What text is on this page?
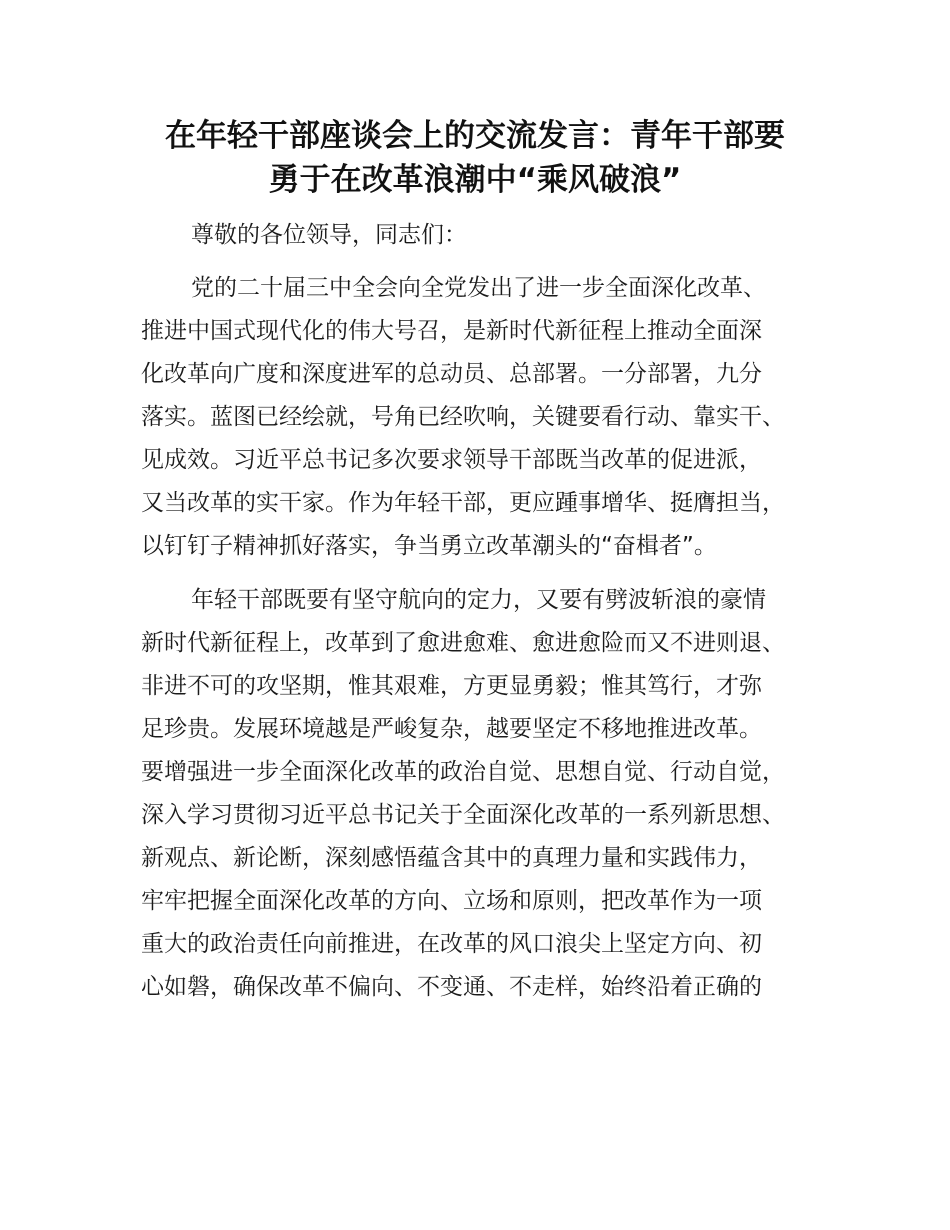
在年轻干部座谈会上的交流发言：青年干部要
勇于在改革浪潮中“乘风破浪”

尊敬的各位领导，同志们：

党的二十届三中全会向全党发出了进一步全面深化改革、

推进中国式现代化的伟大号召，是新时代新征程上推动全面深

化改革向广度和深度进军的总动员、总部署。一分部署，九分

落实。蓝图已经绘就，号角已经吹响，关键要看行动、靠实干、

见成效。习近平总书记多次要求领导干部既当改革的促进派，

又当改革的实干家。作为年轻干部，更应踵事增华、挺膺担当，

以钉钉子精神抓好落实，争当勇立改革潮头的“奋楫者”。

年轻干部既要有坚守航向的定力，又要有劈波斩浪的豪情

新时代新征程上，改革到了愈进愈难、愈进愈险而又不进则退、

非进不可的攻坚期，惟其艰难，方更显勇毅；惟其笃行，才弥

足珍贵。发展环境越是严峻复杂，越要坚定不移地推进改革。

要增强进一步全面深化改革的政治自觉、思想自觉、行动自觉，

深入学习贯彻习近平总书记关于全面深化改革的一系列新思想、

新观点、新论断，深刻感悟蕴含其中的真理力量和实践伟力，

牢牢把握全面深化改革的方向、立场和原则，把改革作为一项

重大的政治责任向前推进，在改革的风口浪尖上坚定方向、初

心如磐，确保改革不偏向、不变通、不走样，始终沿着正确的
